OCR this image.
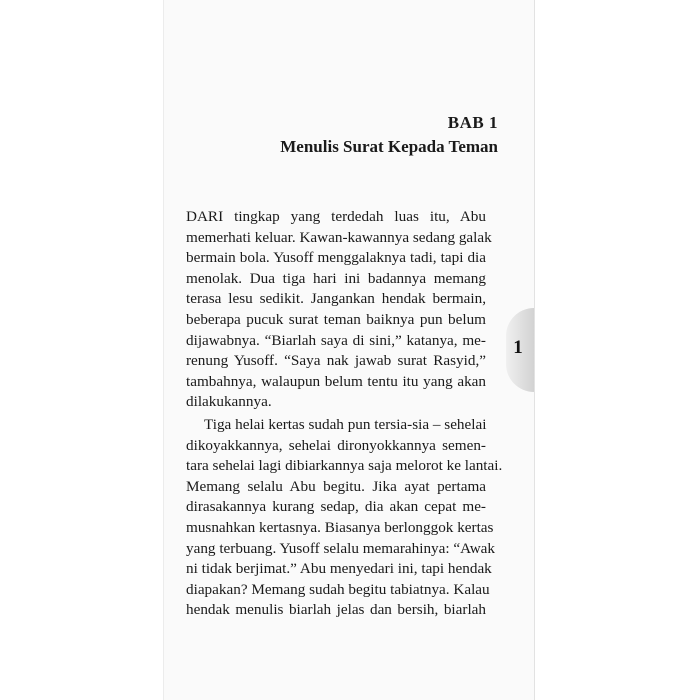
BAB 1
Menulis Surat Kepada Teman
DARI tingkap yang terdedah luas itu, Abu
memerhati keluar. Kawan-kawannya sedang galak
bermain bola. Yusoff menggalaknya tadi, tapi dia
menolak. Dua tiga hari ini badannya memang
terasa lesu sedikit. Jangankan hendak bermain,
beberapa pucuk surat teman baiknya pun belum
dijawabnya. “Biarlah saya di sini,” katanya, me-
renung Yusoff. “Saya nak jawab surat Rasyid,”
tambahnya, walaupun belum tentu itu yang akan
dilakukannya.
Tiga helai kertas sudah pun tersia-sia – sehelai
dikoyakkannya, sehelai dironyokkannya semen-
tara sehelai lagi dibiarkannya saja melorot ke lantai.
Memang selalu Abu begitu. Jika ayat pertama
dirasakannya kurang sedap, dia akan cepat me-
musnahkan kertasnya. Biasanya berlonggok kertas
yang terbuang. Yusoff selalu memarahinya: “Awak
ni tidak berjimat.” Abu menyedari ini, tapi hendak
diapakan? Memang sudah begitu tabiatnya. Kalau
hendak menulis biarlah jelas dan bersih, biarlah
1
